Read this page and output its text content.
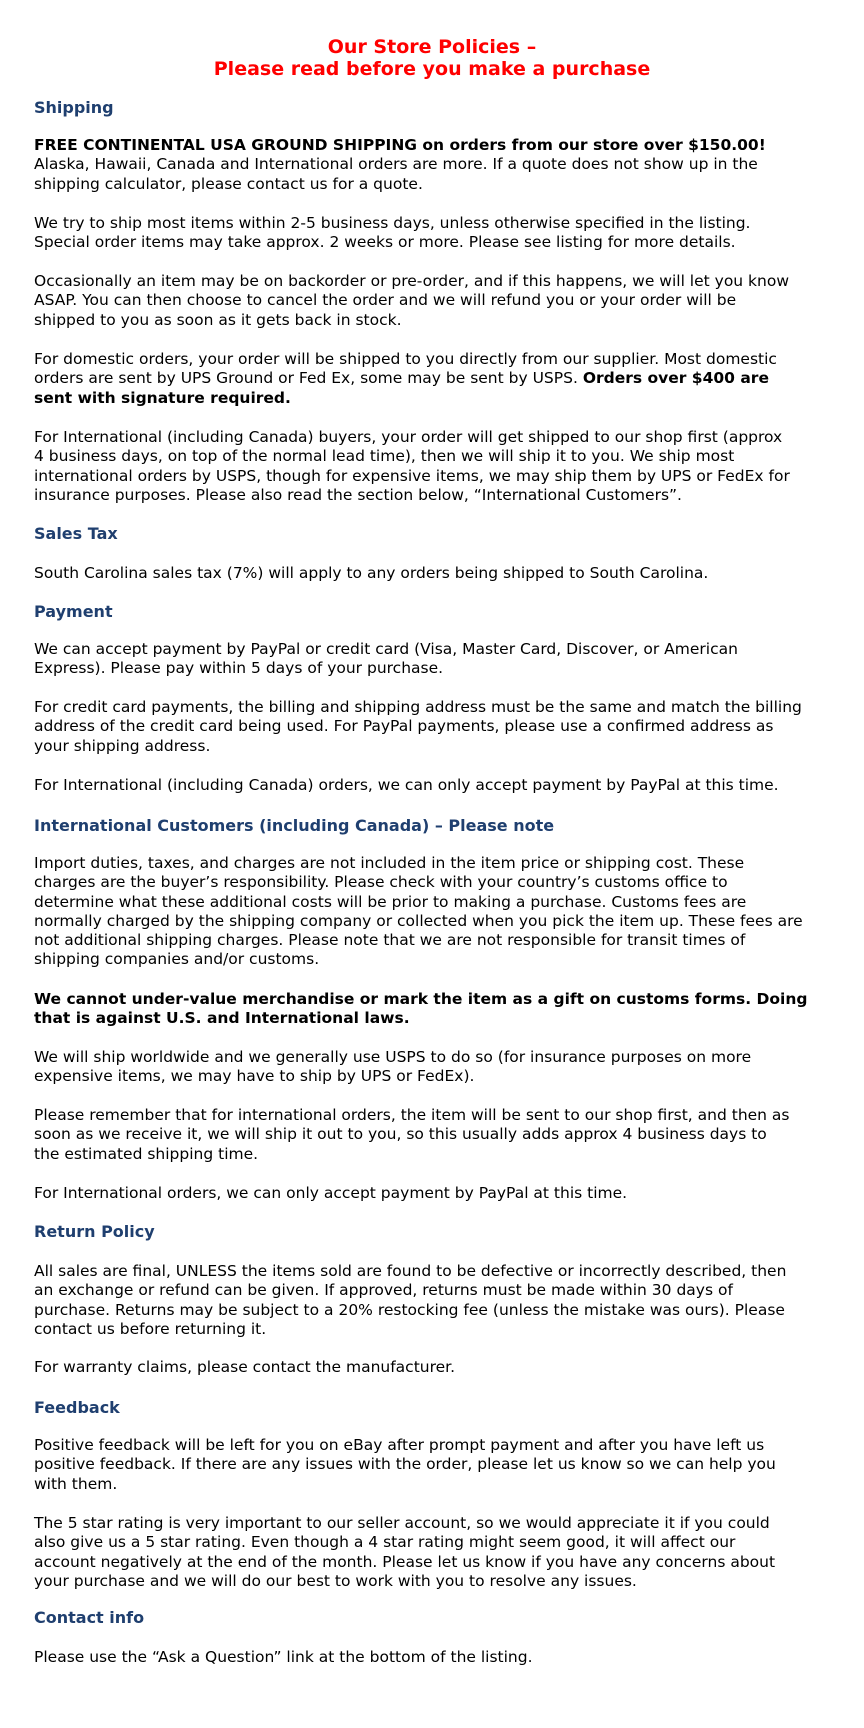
Our Store Policies –
Please read before you make a purchase
Shipping
FREE CONTINENTAL USA GROUND SHIPPING on orders from our store over $150.00!
Alaska, Hawaii, Canada and International orders are more. If a quote does not show up in the
shipping calculator, please contact us for a quote.
We try to ship most items within 2-5 business days, unless otherwise specified in the listing.
Special order items may take approx. 2 weeks or more. Please see listing for more details.
Occasionally an item may be on backorder or pre-order, and if this happens, we will let you know
ASAP. You can then choose to cancel the order and we will refund you or your order will be
shipped to you as soon as it gets back in stock.
For domestic orders, your order will be shipped to you directly from our supplier. Most domestic
orders are sent by UPS Ground or Fed Ex, some may be sent by USPS. Orders over $400 are
sent with signature required.
For International (including Canada) buyers, your order will get shipped to our shop first (approx
4 business days, on top of the normal lead time), then we will ship it to you. We ship most
international orders by USPS, though for expensive items, we may ship them by UPS or FedEx for
insurance purposes. Please also read the section below, “International Customers”.
Sales Tax
South Carolina sales tax (7%) will apply to any orders being shipped to South Carolina.
Payment
We can accept payment by PayPal or credit card (Visa, Master Card, Discover, or American
Express). Please pay within 5 days of your purchase.
For credit card payments, the billing and shipping address must be the same and match the billing
address of the credit card being used. For PayPal payments, please use a confirmed address as
your shipping address.
For International (including Canada) orders, we can only accept payment by PayPal at this time.
International Customers (including Canada) – Please note
Import duties, taxes, and charges are not included in the item price or shipping cost. These
charges are the buyer’s responsibility. Please check with your country’s customs office to
determine what these additional costs will be prior to making a purchase. Customs fees are
normally charged by the shipping company or collected when you pick the item up. These fees are
not additional shipping charges. Please note that we are not responsible for transit times of
shipping companies and/or customs.
We cannot under-value merchandise or mark the item as a gift on customs forms. Doing
that is against U.S. and International laws.
We will ship worldwide and we generally use USPS to do so (for insurance purposes on more
expensive items, we may have to ship by UPS or FedEx).
Please remember that for international orders, the item will be sent to our shop first, and then as
soon as we receive it, we will ship it out to you, so this usually adds approx 4 business days to
the estimated shipping time.
For International orders, we can only accept payment by PayPal at this time.
Return Policy
All sales are final, UNLESS the items sold are found to be defective or incorrectly described, then
an exchange or refund can be given. If approved, returns must be made within 30 days of
purchase. Returns may be subject to a 20% restocking fee (unless the mistake was ours). Please
contact us before returning it.
For warranty claims, please contact the manufacturer.
Feedback
Positive feedback will be left for you on eBay after prompt payment and after you have left us
positive feedback. If there are any issues with the order, please let us know so we can help you
with them.
The 5 star rating is very important to our seller account, so we would appreciate it if you could
also give us a 5 star rating. Even though a 4 star rating might seem good, it will affect our
account negatively at the end of the month. Please let us know if you have any concerns about
your purchase and we will do our best to work with you to resolve any issues.
Contact info
Please use the “Ask a Question” link at the bottom of the listing.
